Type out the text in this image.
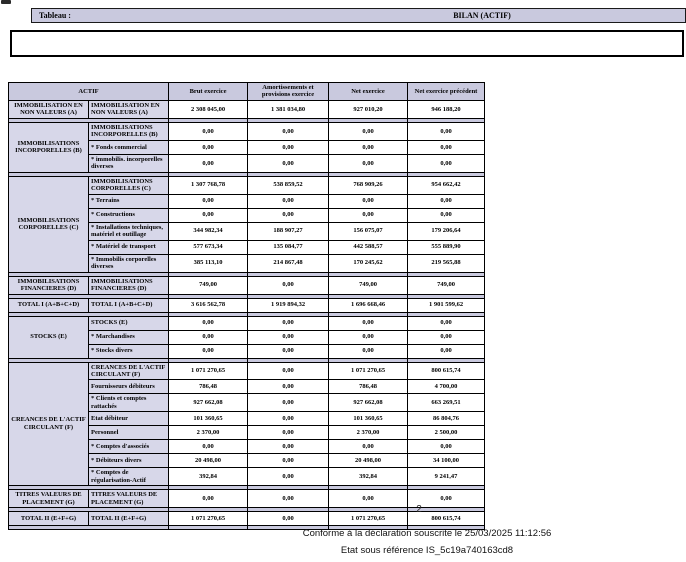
Tableau :	BILAN (ACTIF)
ACTIF		Brut exercice	Amortissements et provisions exercice	Net exercice	Net exercice précédent
IMMOBILISATION EN NON VALEURS (A)	IMMOBILISATION EN NON VALEURS (A)	2 308 045,00	1 381 034,80	927 010,20	946 188,20

IMMOBILISATIONS INCORPORELLES (B)	IMMOBILISATIONS INCORPORELLES (B)	0,00	0,00	0,00	0,00
	* Fonds commercial	0,00	0,00	0,00	0,00
	* immobilis. incorporelles diverses	0,00	0,00	0,00	0,00

IMMOBILISATIONS CORPORELLES (C)	IMMOBILISATIONS CORPORELLES (C)	1 307 768,78	538 859,52	768 909,26	954 662,42
	* Terrains	0,00	0,00	0,00	0,00
	* Constructions	0,00	0,00	0,00	0,00
	* Installations techniques, matériel et outillage	344 982,34	188 907,27	156 075,07	179 206,64
	* Matériel de transport	577 673,34	135 084,77	442 588,57	555 889,90
	* Immobilis corporelles diverses	385 113,10	214 867,48	170 245,62	219 565,88

IMMOBILISATIONS FINANCIERES (D)	IMMOBILISATIONS FINANCIERES (D)	749,00	0,00	749,00	749,00

TOTAL I (A+B+C+D)	TOTAL I (A+B+C+D)	3 616 562,78	1 919 894,32	1 696 668,46	1 901 599,62

STOCKS (E)	STOCKS (E)	0,00	0,00	0,00	0,00
	* Marchandises	0,00	0,00	0,00	0,00
	* Stocks divers	0,00	0,00	0,00	0,00

CREANCES DE L'ACTIF CIRCULANT (F)	CREANCES DE L'ACTIF CIRCULANT (F)	1 071 270,65	0,00	1 071 270,65	800 615,74
	Fournisseurs débiteurs	786,48	0,00	786,48	4 700,00
	* Clients et comptes rattachés	927 662,08	0,00	927 662,08	663 269,51
	Etat débiteur	101 360,65	0,00	101 360,65	86 804,76
	Personnel	2 370,00	0,00	2 370,00	2 500,00
	* Comptes d'associés	0,00	0,00	0,00	0,00
	* Débiteurs divers	20 498,00	0,00	20 498,00	34 100,00
	* Comptes de régularisation-Actif	392,84	0,00	392,84	9 241,47

TITRES VALEURS DE PLACEMENT (G)	TITRES VALEURS DE PLACEMENT (G)	0,00	0,00	0,00	0,00

TOTAL II (E+F+G)	TOTAL II (E+F+G)	1 071 270,65	0,00	1 071 270,65	800 615,74

2
Conforme à la déclaration souscrite le 25/03/2025 11:12:56
Etat sous référence IS_5c19a740163cd8
